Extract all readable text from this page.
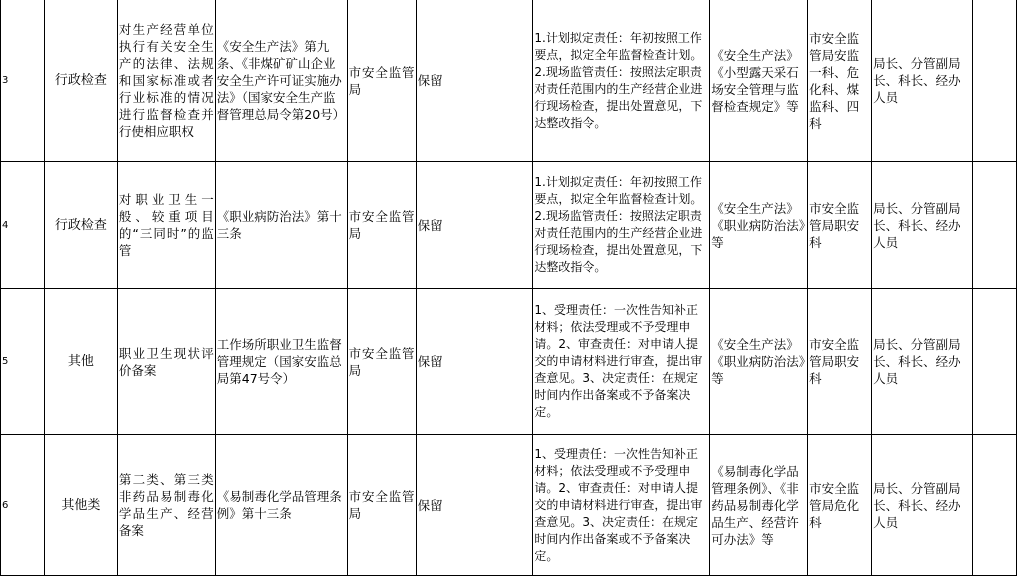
3	行政检查	对生产经营单位执行有关安全生产的法律、法规和国家标准或者行业标准的情况进行监督检查并行使相应职权	《安全生产法》第九条、《非煤矿矿山企业安全生产许可证实施办法》（国家安全生产监督管理总局令第20号）	市安全监管局	保留	1.计划拟定责任：年初按照工作要点，拟定全年监督检查计划。2.现场监管责任：按照法定职责对责任范围内的生产经营企业进行现场检查，提出处置意见，下达整改指令。	《安全生产法》《小型露天采石场安全管理与监督检查规定》等	市安全监管局安监一科、危化科、煤监科、四科	局长、分管副局长、科长、经办人员	
4	行政检查	对职业卫生一般、较重项目的“三同时”的监管	《职业病防治法》第十三条	市安全监管局	保留	1.计划拟定责任：年初按照工作要点，拟定全年监督检查计划。2.现场监管责任：按照法定职责对责任范围内的生产经营企业进行现场检查，提出处置意见，下达整改指令。	《安全生产法》《职业病防治法》等	市安全监管局职安科	局长、分管副局长、科长、经办人员	
5	其他	职业卫生现状评价备案	工作场所职业卫生监督管理规定（国家安监总局第47号令）	市安全监管局	保留	1、受理责任：一次性告知补正材料；依法受理或不予受理申请。2、审查责任：对申请人提交的申请材料进行审查，提出审查意见。3、决定责任：在规定时间内作出备案或不予备案决定。	《安全生产法》《职业病防治法》等	市安全监管局职安科	局长、分管副局长、科长、经办人员	
6	其他类	第二类、第三类非药品易制毒化学品生产、经营备案	《易制毒化学品管理条例》第十三条	市安全监管局	保留	1、受理责任：一次性告知补正材料；依法受理或不予受理申请。2、审查责任：对申请人提交的申请材料进行审查，提出审查意见。3、决定责任：在规定时间内作出备案或不予备案决定。	《易制毒化学品管理条例》、《非药品易制毒化学品生产、经营许可办法》等	市安全监管局危化科	局长、分管副局长、科长、经办人员	
